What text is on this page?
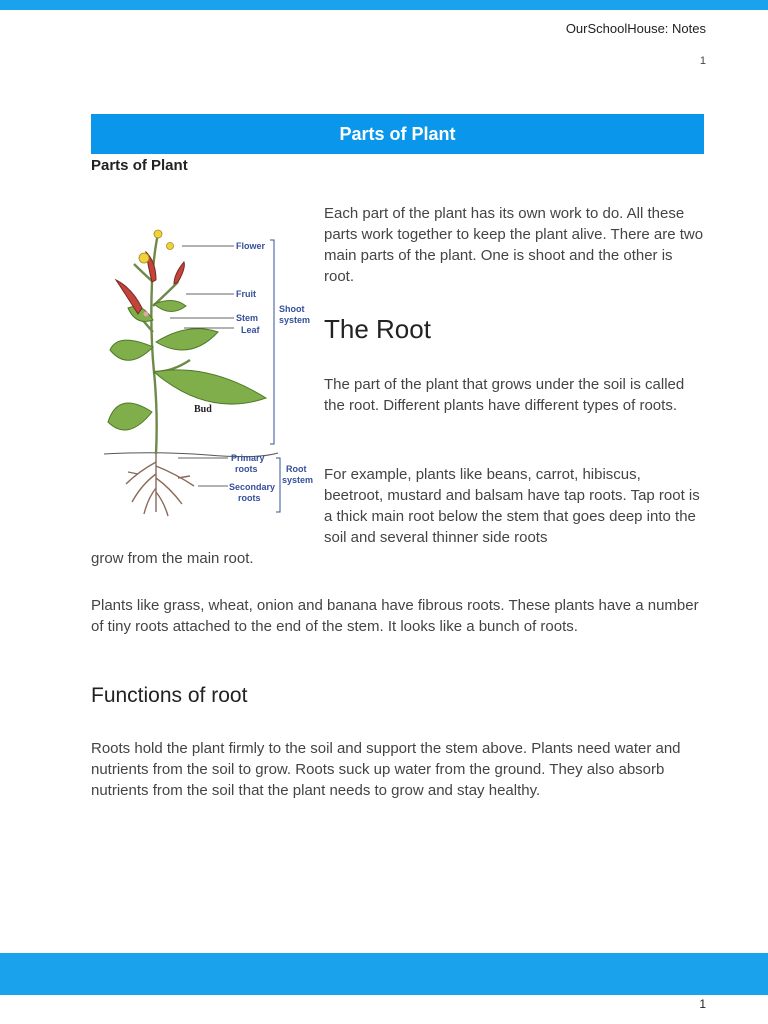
OurSchoolHouse: Notes
1
Parts of Plant
Parts of Plant
Flower
Fruit
Stem
Leaf
Shoot
system
Bud
Primary
roots	Root
system
Secondary
roots
Each part of the plant has its own work to do. All these parts work together to keep the plant alive. There are two main parts of the plant. One is shoot and the other is root.
The Root
The part of the plant that grows under the soil is called the root. Different plants have different types of roots.
For example, plants like beans, carrot, hibiscus, beetroot, mustard and balsam have tap roots. Tap root is a thick main root below the stem that goes deep into the soil and several thinner side roots
grow from the main root.
Plants like grass, wheat, onion and banana have fibrous roots. These plants have a number of tiny roots attached to the end of the stem. It looks like a bunch of roots.
Functions of root
Roots hold the plant firmly to the soil and support the stem above. Plants need water and nutrients from the soil to grow. Roots suck up water from the ground. They also absorb nutrients from the soil that the plant needs to grow and stay healthy.
1
